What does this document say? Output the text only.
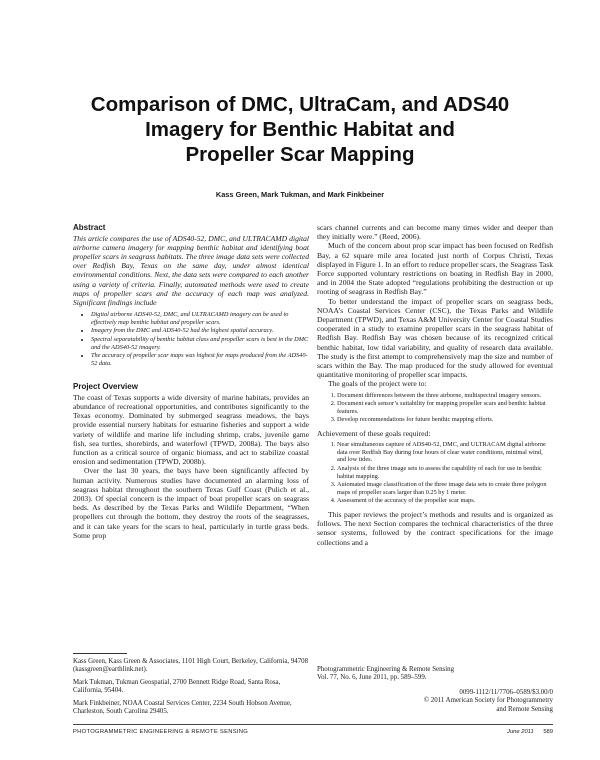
Comparison of DMC, UltraCam, and ADS40
Imagery for Benthic Habitat and
Propeller Scar Mapping
Kass Green, Mark Tukman, and Mark Finkbeiner
Abstract

This article compares the use of ADS40-52, DMC, and ULTRACAMD digital airborne camera imagery for mapping benthic habitat and identifying boat propeller scars in seagrass habitats. The three image data sets were collected over Redfish Bay, Texas on the same day, under almost identical environmental conditions. Next, the data sets were compared to each another using a variety of criteria. Finally, automated methods were used to create maps of propeller scars and the accuracy of each map was analyzed. Significant findings include

• Digital airborne ADS40-52, DMC, and ULTRACAMD imagery can be used to effectively map benthic habitat and propeller scars.
• Imagery from the DMC and ADS40-52 had the highest spatial accuracy.
• Spectral separatability of benthic habitat class and propeller scars is best in the DMC and the ADS40-52 imagery.
• The accuracy of propeller scar maps was highest for maps produced from the ADS40-52 data.
Project Overview

The coast of Texas supports a wide diversity of marine habitats, provides an abundance of recreational opportunities, and contributes significantly to the Texas economy. Dominated by submerged seagrass meadows, the bays provide essential nursery habitats for estuarine fisheries and support a wide variety of wildlife and marine life including shrimp, crabs, juvenile game fish, sea turtles, shorebirds, and waterfowl (TPWD, 2008a). The bays also function as a critical source of organic biomass, and act to stabilize coastal erosion and sedimentation (TPWD, 2008b).

Over the last 30 years, the bays have been significantly affected by human activity. Numerous studies have documented an alarming loss of seagrass habitat throughout the southern Texas Gulf Coast (Pulich et al., 2003). Of special concern is the impact of boat propeller scars on seagrass beds. As described by the Texas Parks and Wildlife Department, “When propellers cut through the bottom, they destroy the roots of the seagrasses, and it can take years for the scars to heal, particularly in turtle grass beds. Some prop

scars channel currents and can become many times wider and deeper than they initially were.” (Reed, 2006).

Much of the concern about prop scar impact has been focused on Redfish Bay, a 62 square mile area located just north of Corpus Christi, Texas displayed in Figure 1. In an effort to reduce propeller scars, the Seagrass Task Force supported voluntary restrictions on boating in Redfish Bay in 2000, and in 2004 the State adopted “regulations prohibiting the destruction or up rooting of seagrass in Redfish Bay.”

To better understand the impact of propeller scars on seagrass beds, NOAA’s Coastal Services Center (CSC), the Texas Parks and Wildlife Department (TPWD), and Texas A&M University Center for Coastal Studies cooperated in a study to examine propeller scars in the seagrass habitat of Redfish Bay. Redfish Bay was chosen because of its recognized critical benthic habitat, low tidal variability, and quality of research data available. The study is the first attempt to comprehensively map the size and number of scars within the Bay. The map produced for the study allowed for eventual quantitative monitoring of propeller scar impacts.

The goals of the project were to:

1. Document differences between the three airborne, multispectral imagery sensors.
2. Document each sensor’s suitability for mapping propeller scars and benthic habitat features.
3. Develop recommendations for future benthic mapping efforts.

Achievement of these goals required:

1. Near simultaneous capture of ADS40-52, DMC, and ULTRACAM digital airborne data over Redfish Bay during four hours of clear water conditions, minimal wind, and low tides.
2. Analysis of the three image sets to assess the capability of each for use in benthic habitat mapping.
3. Automated image classification of the three image data sets to create three polygon maps of propeller scars larger than 0.25 by 1 meter.
4. Assessment of the accuracy of the propeller scar maps.

This paper reviews the project’s methods and results and is organized as follows. The next Section compares the technical characteristics of the three sensor systems, followed by the contract specifications for the image collections and a

Kass Green, Kass Green & Associates, 1101 High Court, Berkeley, California, 94708 (kassgreen@earthlink.net).

Mark Tukman, Tukman Geospatial, 2700 Bennett Ridge Road, Santa Rosa, California, 95404.

Mark Finkbeiner, NOAA Coastal Services Center, 2234 South Hobson Avenue, Charleston, South Carolina 29405.

Photogrammetric Engineering & Remote Sensing
Vol. 77, No. 6, June 2011, pp. 589–599.
0099-1112/11/7706–0589/$3.00/0
© 2011 American Society for Photogrammetry
and Remote Sensing
PHOTOGRAMMETRIC ENGINEERING & REMOTE SENSING	June 2011 589
